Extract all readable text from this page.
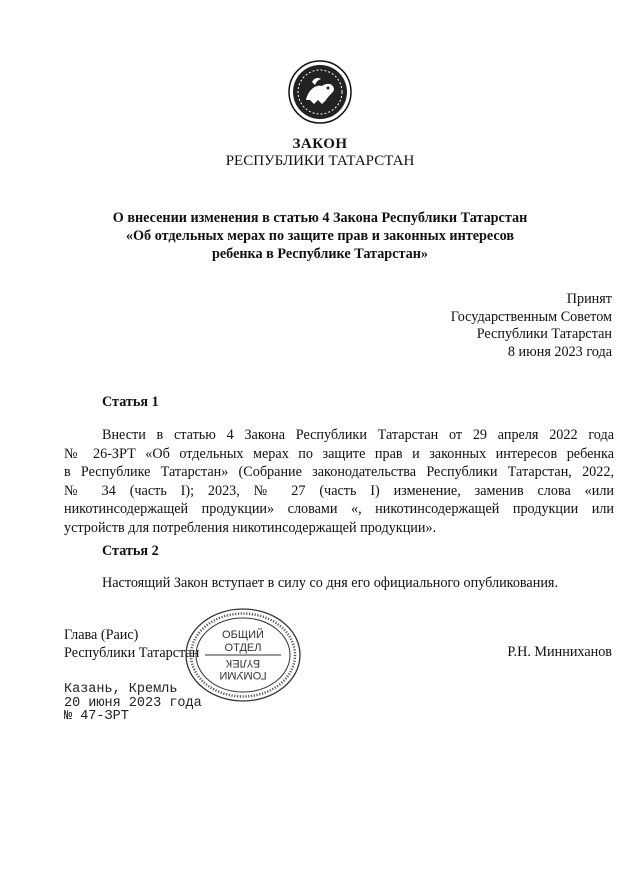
ЗАКОН
РЕСПУБЛИКИ ТАТАРСТАН
О внесении изменения в статью 4 Закона Республики Татарстан
«Об отдельных мерах по защите прав и законных интересов
ребенка в Республике Татарстан»
Принят
Государственным Советом
Республики Татарстан
8 июня 2023 года
Статья 1
Внести в статью 4 Закона Республики Татарстан от 29 апреля 2022 года
№ 26-ЗРТ «Об отдельных мерах по защите прав и законных интересов ребенка
в Республике Татарстан» (Собрание законодательства Республики Татарстан, 2022,
№ 34 (часть I); 2023, № 27 (часть I) изменение, заменив слова «или
никотинсодержащей продукции» словами «, никотинсодержащей продукции или
устройств для потребления никотинсодержащей продукции».
Статья 2
Настоящий Закон вступает в силу со дня его официального опубликования.
Глава (Раис)
Республики Татарстан	Р.Н. Минниханов
ОБЩИЙ
ОТДЕЛ
БҮЛЕК
ГОМУМИ
Казань, Кремль
20 июня 2023 года
№ 47-ЗРТ
